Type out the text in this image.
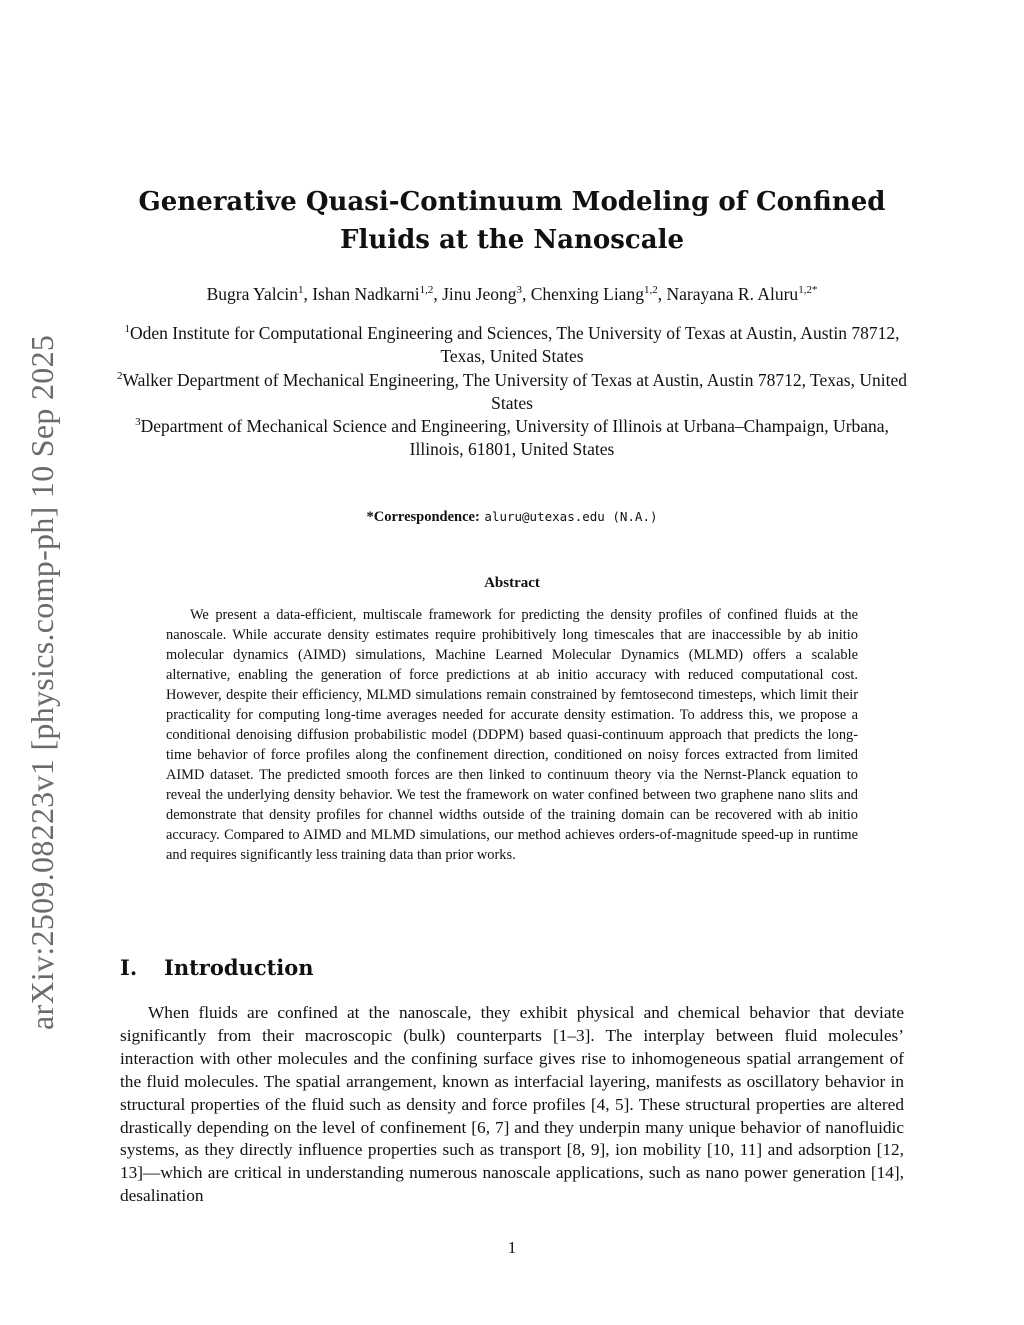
arXiv:2509.08223v1 [physics.comp-ph] 10 Sep 2025
Generative Quasi-Continuum Modeling of Confined
Fluids at the Nanoscale
Bugra Yalcin$^1$, Ishan Nadkarni$^{1,2}$, Jinu Jeong$^3$, Chenxing Liang$^{1,2}$, Narayana R. Aluru$^{1,2*}$
$^1$Oden Institute for Computational Engineering and Sciences, The University of Texas at Austin, Austin 78712, Texas, United States
$^2$Walker Department of Mechanical Engineering, The University of Texas at Austin, Austin 78712, Texas, United States
$^3$Department of Mechanical Science and Engineering, University of Illinois at Urbana–Champaign, Urbana, Illinois, 61801, United States
*Correspondence: aluru@utexas.edu (N.A.)
Abstract

We present a data-efficient, multiscale framework for predicting the density profiles of confined fluids at the nanoscale. While accurate density estimates require prohibitively long timescales that are inaccessible by ab initio molecular dynamics (AIMD) simulations, Machine Learned Molecular Dynamics (MLMD) offers a scalable alternative, enabling the generation of force predictions at ab initio accuracy with reduced computational cost. However, despite their efficiency, MLMD simulations remain constrained by femtosecond timesteps, which limit their practicality for computing long-time averages needed for accurate density estimation. To address this, we propose a conditional denoising diffusion probabilistic model (DDPM) based quasi-continuum approach that predicts the long-time behavior of force profiles along the confinement direction, conditioned on noisy forces extracted from limited AIMD dataset. The predicted smooth forces are then linked to continuum theory via the Nernst-Planck equation to reveal the underlying density behavior. We test the framework on water confined between two graphene nano slits and demonstrate that density profiles for channel widths outside of the training domain can be recovered with ab initio accuracy. Compared to AIMD and MLMD simulations, our method achieves orders-of-magnitude speed-up in runtime and requires significantly less training data than prior works.

I. Introduction

When fluids are confined at the nanoscale, they exhibit physical and chemical behavior that deviate significantly from their macroscopic (bulk) counterparts [1–3]. The interplay between fluid molecules’ interaction with other molecules and the confining surface gives rise to inhomogeneous spatial arrangement of the fluid molecules. The spatial arrangement, known as interfacial layering, manifests as oscillatory behavior in structural properties of the fluid such as density and force profiles [4, 5]. These structural properties are altered drastically depending on the level of confinement [6, 7] and they underpin many unique behavior of nanofluidic systems, as they directly influence properties such as transport [8, 9], ion mobility [10, 11] and adsorption [12, 13]—which are critical in understanding numerous nanoscale applications, such as nano power generation [14], desalination

1
